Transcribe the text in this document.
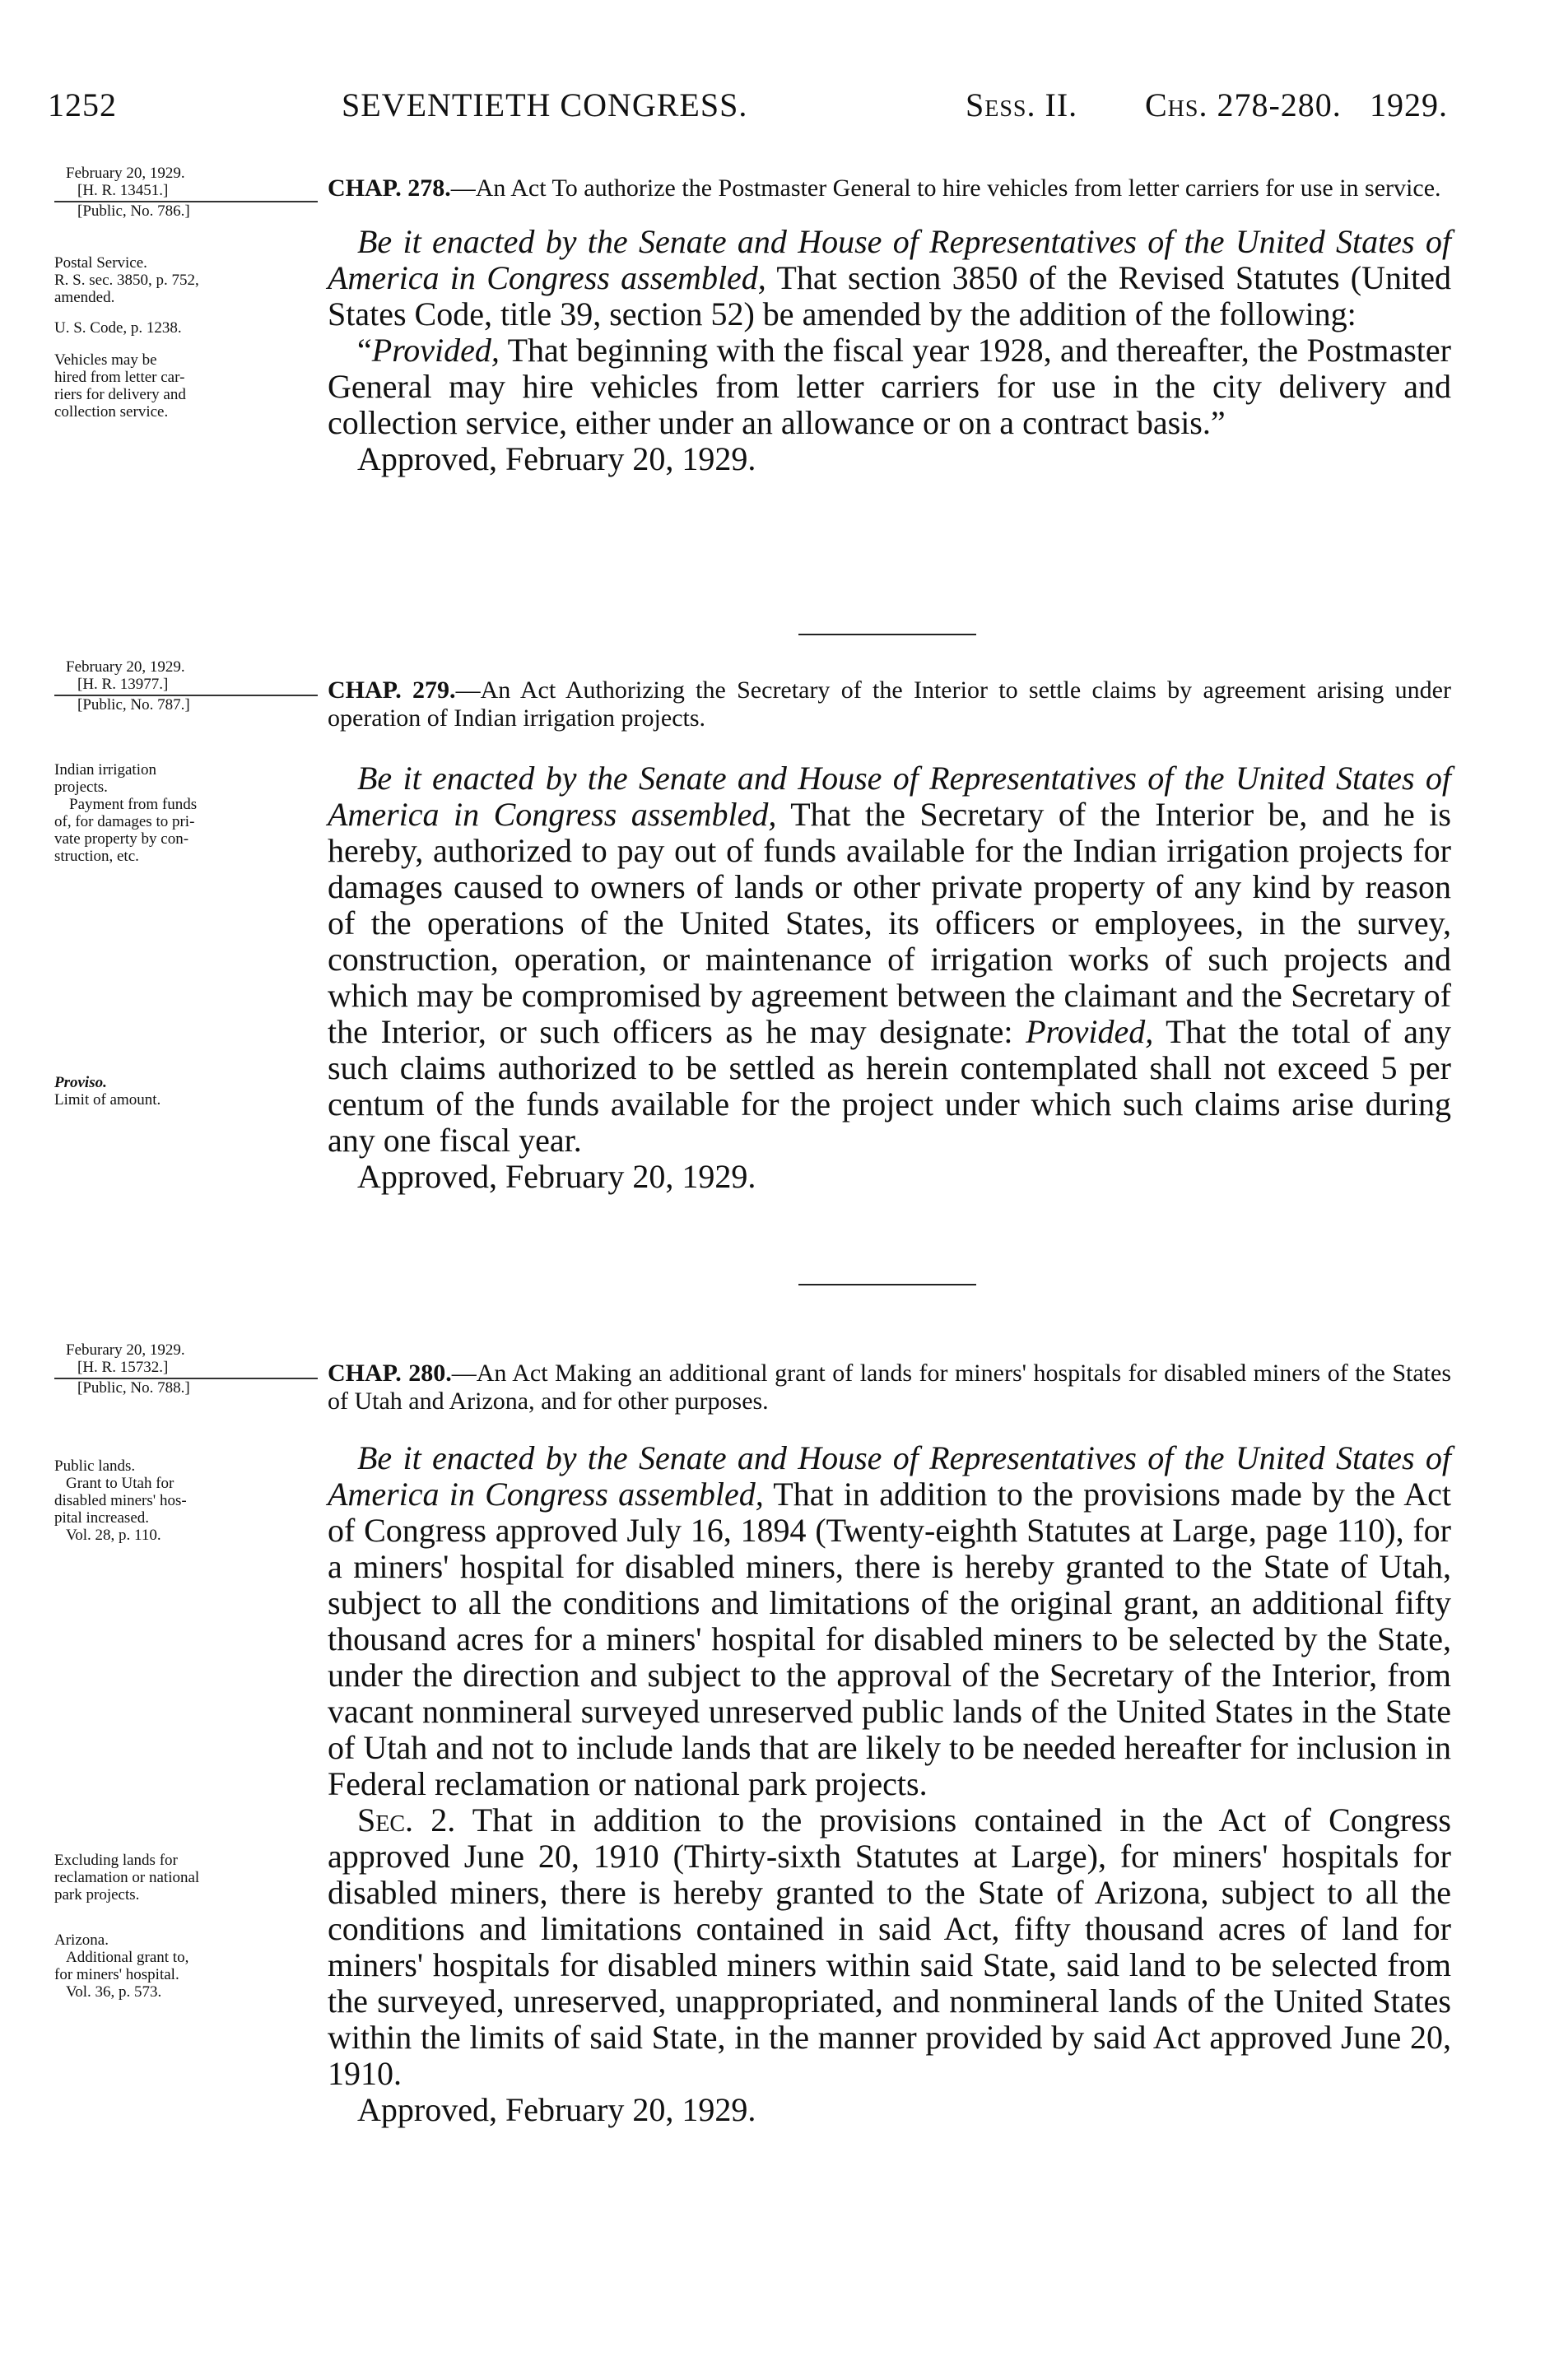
1252	SEVENTIETH CONGRESS.	Sess. II. Chs. 278-280. 1929.
February 20, 1929.
[H. R. 13451.]
[Public, No. 786.]
Postal Service.
R. S. sec. 3850, p. 752,
amended.
U. S. Code, p. 1238.
Vehicles may be
hired from letter car-
riers for delivery and
collection service.

CHAP. 278.—An Act To authorize the Postmaster General to hire vehicles from letter carriers for use in service.

Be it enacted by the Senate and House of Representatives of the United States of America in Congress assembled, That section 3850 of the Revised Statutes (United States Code, title 39, section 52) be amended by the addition of the following:

“Provided, That beginning with the fiscal year 1928, and thereafter, the Postmaster General may hire vehicles from letter carriers for use in the city delivery and collection service, either under an allowance or on a contract basis.”

Approved, February 20, 1929.

February 20, 1929.
[H. R. 13977.]
[Public, No. 787.]
Indian irrigation
projects.
Payment from funds
of, for damages to pri-
vate property by con-
struction, etc.
Proviso.
Limit of amount.

CHAP. 279.—An Act Authorizing the Secretary of the Interior to settle claims by agreement arising under operation of Indian irrigation projects.

Be it enacted by the Senate and House of Representatives of the United States of America in Congress assembled, That the Secretary of the Interior be, and he is hereby, authorized to pay out of funds available for the Indian irrigation projects for damages caused to owners of lands or other private property of any kind by reason of the operations of the United States, its officers or employees, in the survey, construction, operation, or maintenance of irrigation works of such projects and which may be compromised by agreement between the claimant and the Secretary of the Interior, or such officers as he may designate: Provided, That the total of any such claims authorized to be settled as herein contemplated shall not exceed 5 per centum of the funds available for the project under which such claims arise during any one fiscal year.

Approved, February 20, 1929.

Feburary 20, 1929.
[H. R. 15732.]
[Public, No. 788.]
Public lands.
Grant to Utah for
disabled miners' hos-
pital increased.
Vol. 28, p. 110.
Excluding lands for
reclamation or national
park projects.
Arizona.
Additional grant to,
for miners' hospital.
Vol. 36, p. 573.

CHAP. 280.—An Act Making an additional grant of lands for miners' hospitals for disabled miners of the States of Utah and Arizona, and for other purposes.

Be it enacted by the Senate and House of Representatives of the United States of America in Congress assembled, That in addition to the provisions made by the Act of Congress approved July 16, 1894 (Twenty-eighth Statutes at Large, page 110), for a miners' hospital for disabled miners, there is hereby granted to the State of Utah, subject to all the conditions and limitations of the original grant, an additional fifty thousand acres for a miners' hospital for disabled miners to be selected by the State, under the direction and subject to the approval of the Secretary of the Interior, from vacant nonmineral surveyed unreserved public lands of the United States in the State of Utah and not to include lands that are likely to be needed hereafter for inclusion in Federal reclamation or national park projects.

Sec. 2. That in addition to the provisions contained in the Act of Congress approved June 20, 1910 (Thirty-sixth Statutes at Large), for miners' hospitals for disabled miners, there is hereby granted to the State of Arizona, subject to all the conditions and limitations contained in said Act, fifty thousand acres of land for miners' hospitals for disabled miners within said State, said land to be selected from the surveyed, unreserved, unappropriated, and nonmineral lands of the United States within the limits of said State, in the manner provided by said Act approved June 20, 1910.

Approved, February 20, 1929.
